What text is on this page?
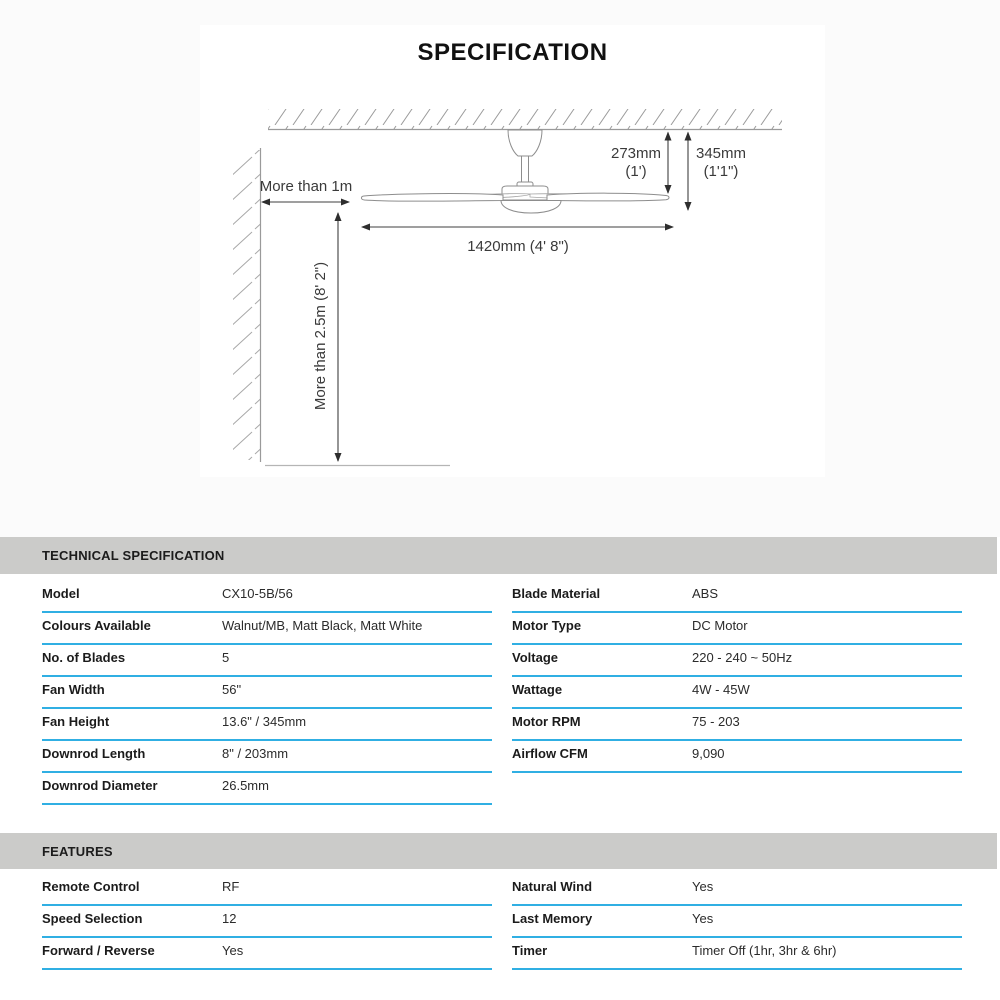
SPECIFICATION
273mm
(1')
345mm
(1'1")
More than 1m
1420mm (4' 8")
More than 2.5m (8' 2")
TECHNICAL SPECIFICATION
Model	CX10-5B/56
Colours Available	Walnut/MB, Matt Black, Matt White
No. of Blades	5
Fan Width	56"
Fan Height	13.6" / 345mm
Downrod Length	8" / 203mm
Downrod Diameter	26.5mm
Blade Material	ABS
Motor Type	DC Motor
Voltage	220 - 240 ~ 50Hz
Wattage	4W - 45W
Motor RPM	75 - 203
Airflow CFM	9,090
FEATURES
Remote Control	RF
Speed Selection	12
Forward / Reverse	Yes
Natural Wind	Yes
Last Memory	Yes
Timer	Timer Off (1hr, 3hr & 6hr)
